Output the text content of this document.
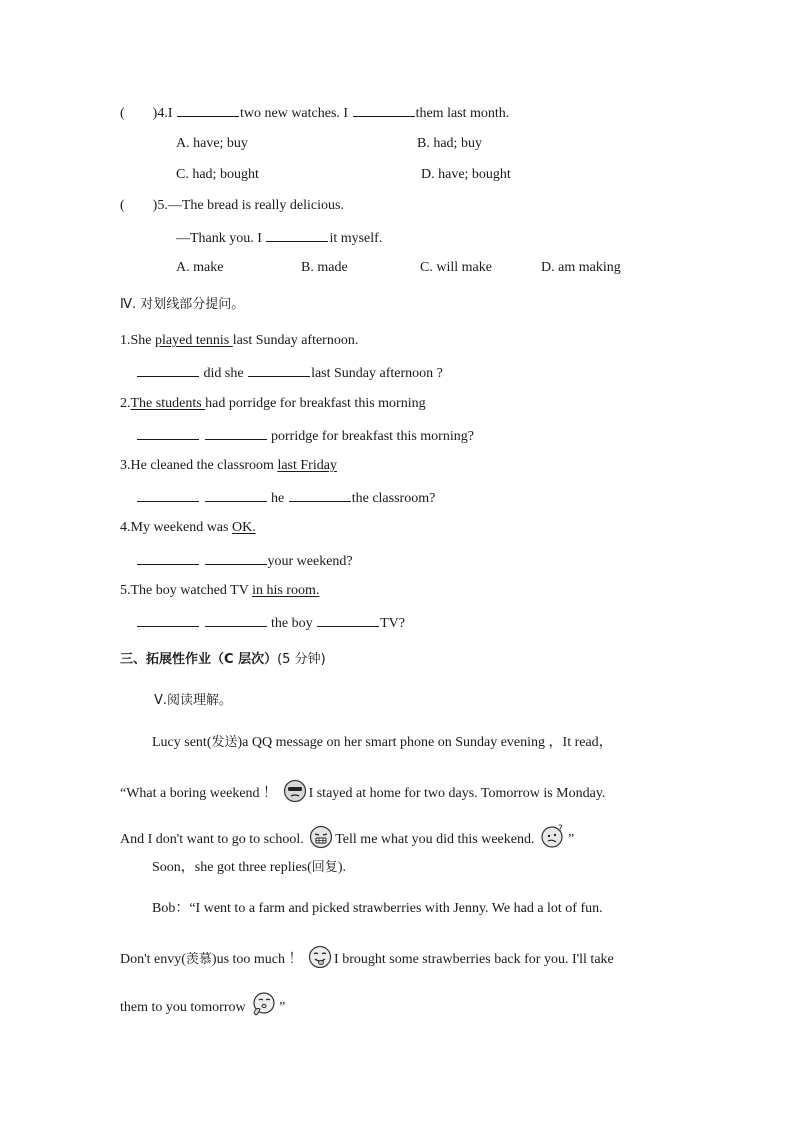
( )4.I	two new watches. I	them last month.
A. have; buy	B. had; buy
C. had; bought	D. have; bought
( )5.—The bread is really delicious.
—Thank you. I	it myself.
A. make	B. made	C. will make	D. am making
Ⅳ. 对划线部分提问。
1.She played tennis last Sunday afternoon.
did she	last Sunday afternoon ?
2.The students had porridge for breakfast this morning
porridge for breakfast this morning?
3.He cleaned the classroom last Friday
he	the classroom?
4.My weekend was OK.
your weekend?
5.The boy watched TV in his room.
the boy	TV?
三、拓展性作业（C 层次）(5 分钟)
Ⅴ.阅读理解。
Lucy sent(发送)a QQ message on her smart phone on Sunday evening ，It read，
“What a boring weekend ！ I stayed at home for two days. Tomorrow is Monday.
And I don't want to go to school. Tell me what you did this weekend.
?
”
Soon，she got three replies(回复).
Bob：“I went to a farm and picked strawberries with Jenny. We had a lot of fun.
Don't envy(羡慕)us too much ！ I brought some strawberries back for you. I'll take
them to you tomorrow ”
